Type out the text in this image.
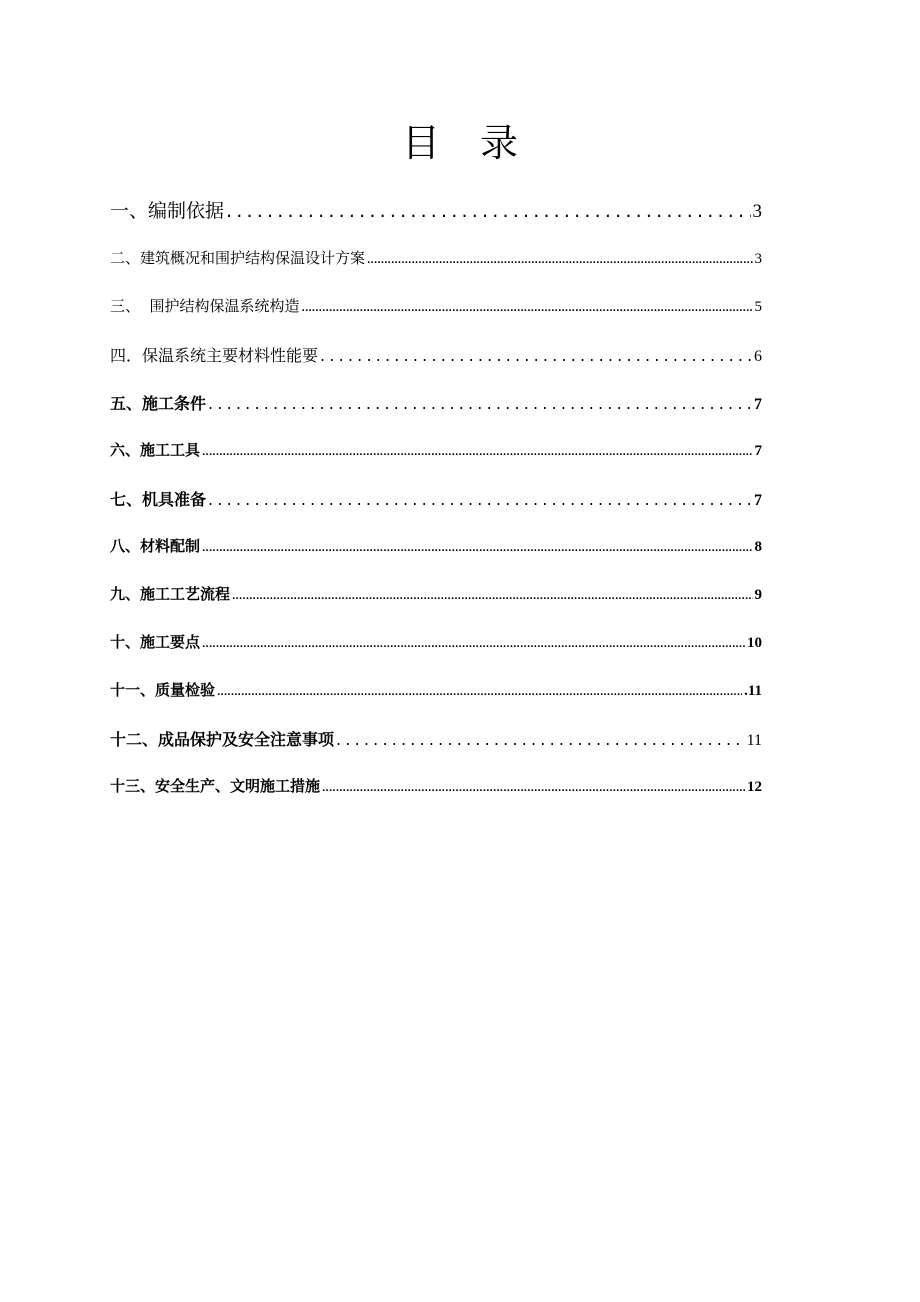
目 录
一、编制依据 .....	3
二、建筑概况和围护结构保温设计方案 .....	3
三、  围护结构保温系统构造 .....	5
四．保温系统主要材料性能要 .....	6
五、施工条件 .....	7
六、施工工具 .....	7
七、机具准备 .....	7
八、材料配制 .....	8
九、施工工艺流程 .....	9
十、施工要点 .....	10
十一、质量检验 .....	.11
十二、成品保护及安全注意事项 .....	11
十三、安全生产、文明施工措施 .....	12
